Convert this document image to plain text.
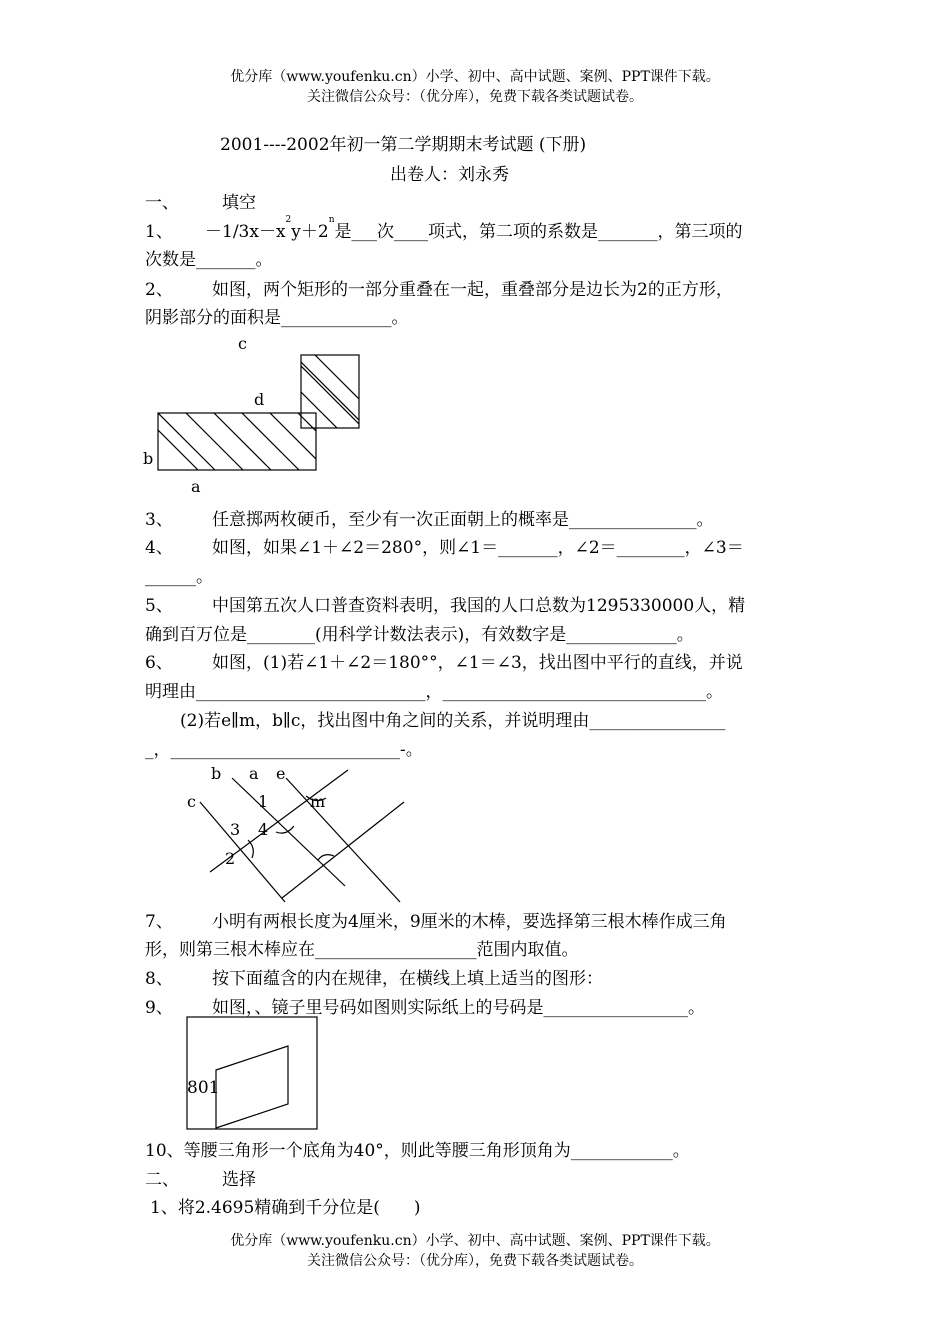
优分库（www.youfenku.cn）小学、初中、高中试题、案例、PPT课件下载。
关注微信公众号：（优分库），免费下载各类试题试卷。
2001----2002年初一第二学期期末考试题 (下册)
出卷人：刘永秀
一、	填空
1、 $-1/3x-x^2y+2^n$是___次____项式，第二项的系数是_______，第三项的
次数是_______。
2、 如图，两个矩形的一部分重叠在一起，重叠部分是边长为2的正方形，
阴影部分的面积是_____________。
c
d
b
a
3、 任意掷两枚硬币，至少有一次正面朝上的概率是_______________。
4、 如图，如果∠1＋∠2＝280°，则∠1＝_______，∠2＝________，∠3＝
______。
5、 中国第五次人口普查资料表明，我国的人口总数为1295330000人，精
确到百万位是________(用科学计数法表示)，有效数字是_____________。
6、 如图，(1)若∠1＋∠2＝180°°，∠1＝∠3，找出图中平行的直线，并说
明理由___________________________，_______________________________。
(2)若e∥m，b∥c，找出图中角之间的关系，并说明理由________________
_，___________________________-。
b a e
c	1	m
3 4
2
7、 小明有两根长度为4厘米，9厘米的木棒，要选择第三根木棒作成三角
形，则第三根木棒应在___________________范围内取值。
8、 按下面蕴含的内在规律，在横线上填上适当的图形：
9、 如图，、镜子里号码如图则实际纸上的号码是_________________。
801
10、等腰三角形一个底角为40°，则此等腰三角形顶角为____________。
二、	选择
1、将2.4695精确到千分位是(　　)
优分库（www.youfenku.cn）小学、初中、高中试题、案例、PPT课件下载。
关注微信公众号：（优分库），免费下载各类试题试卷。
